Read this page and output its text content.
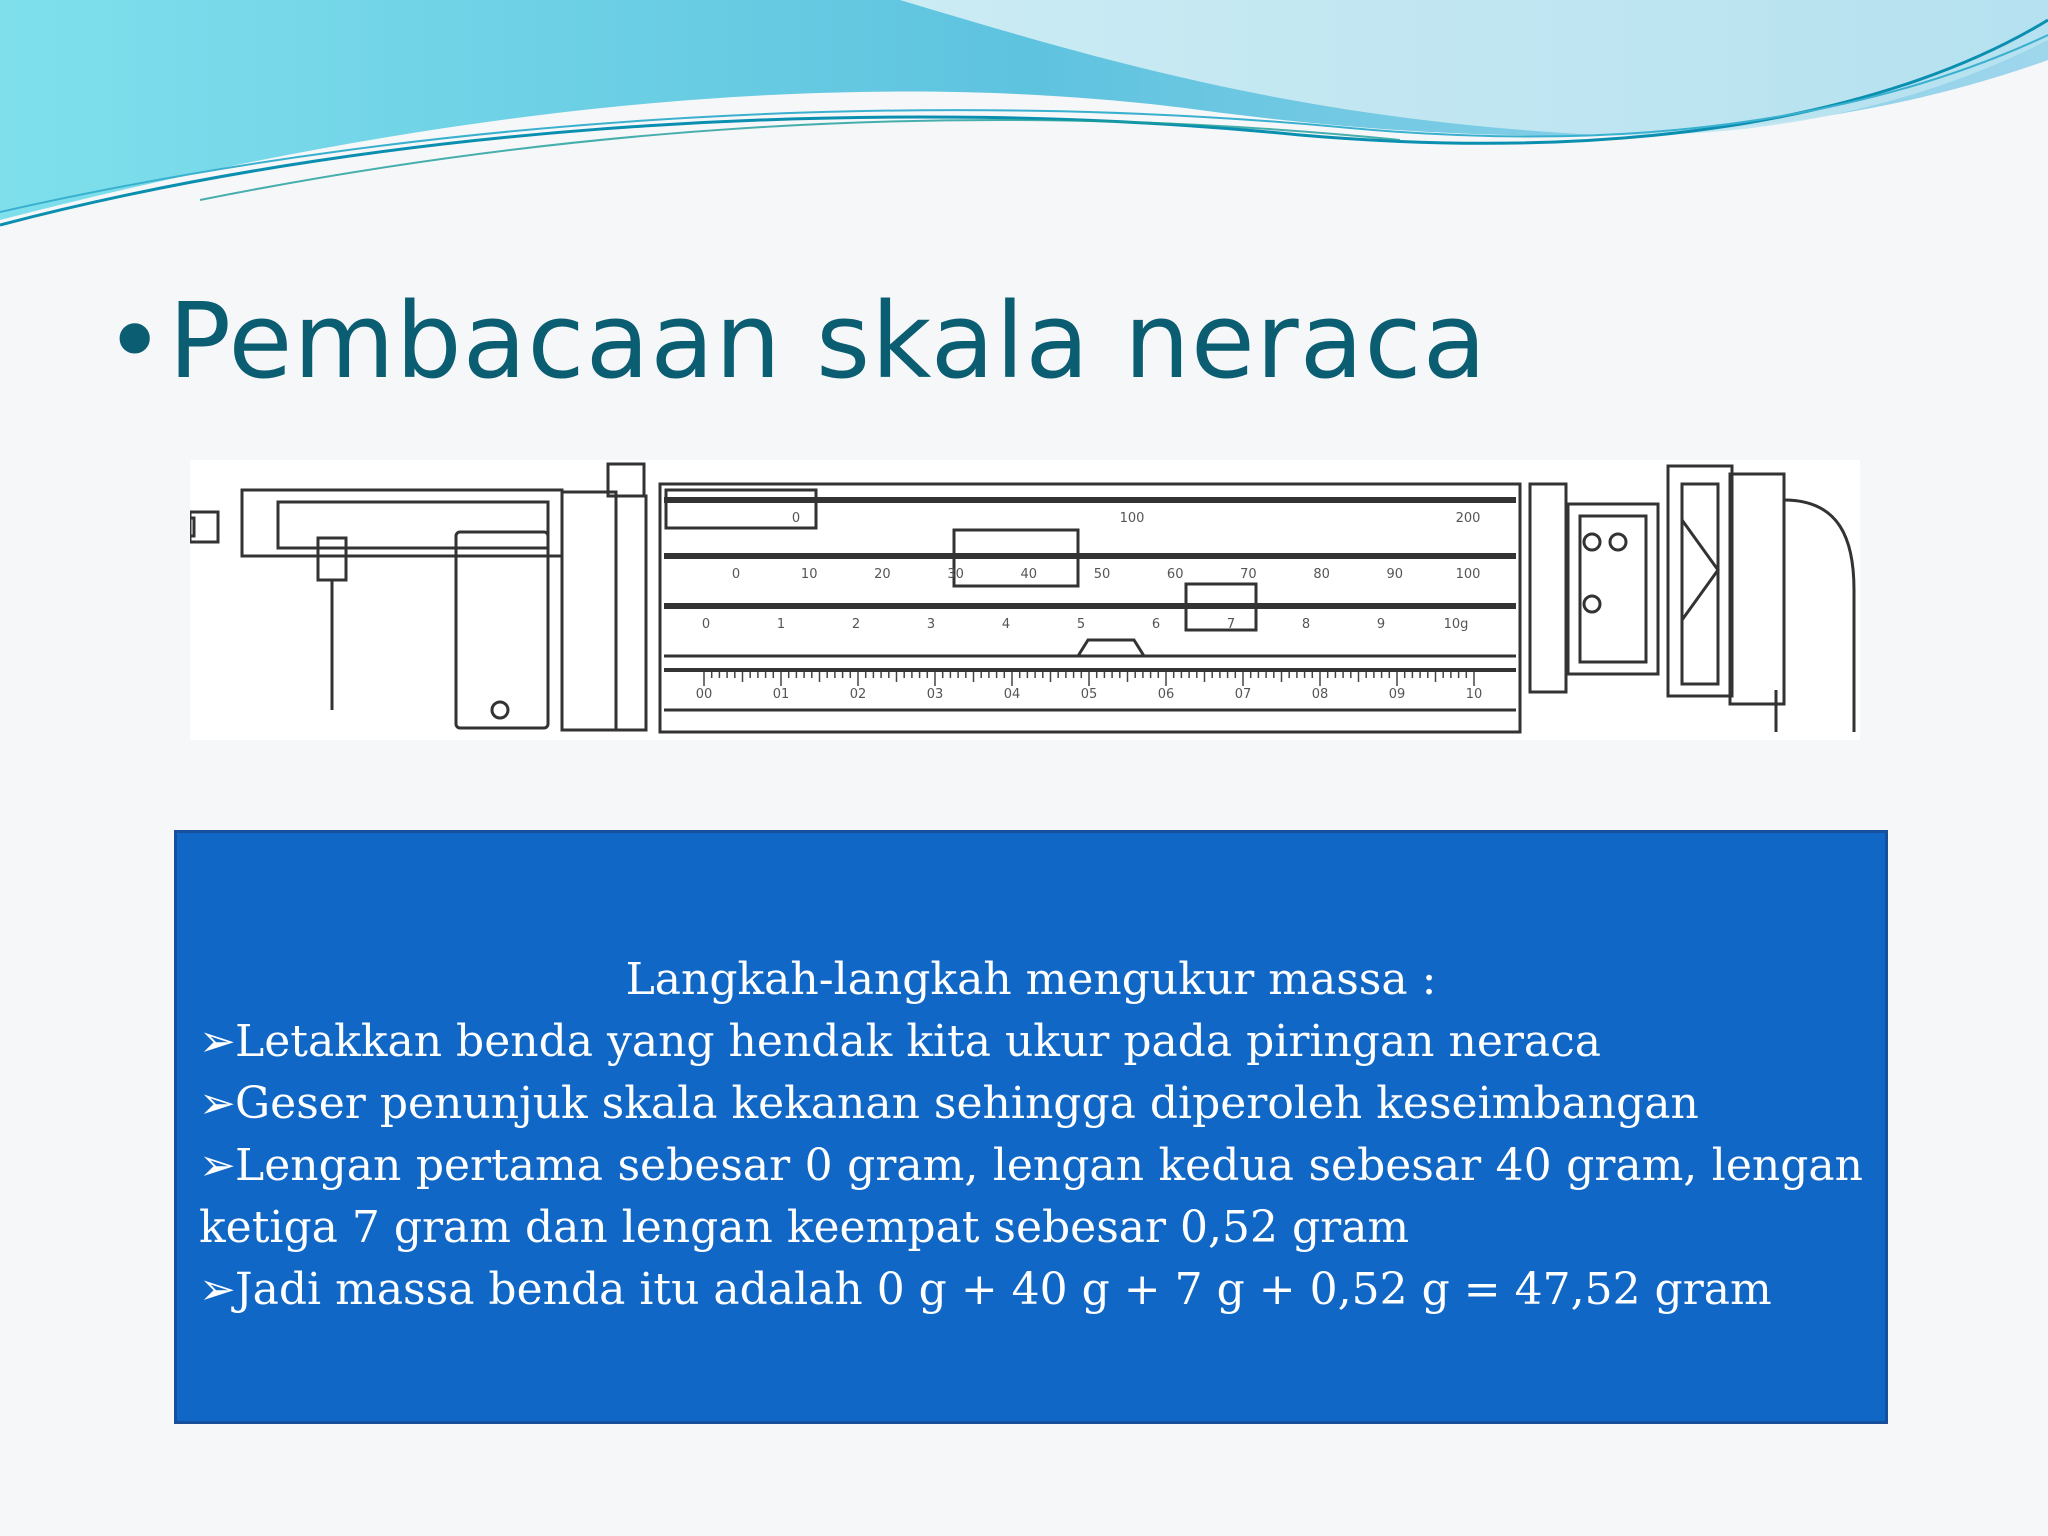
•Pembacaan skala neraca
0	100	200
0	10	20	30	40	50	60	70	80	90	100
0	1	2	3	4	5	6	7	8	9	10g
00	01	02	03	04	05	06	07	08	09	10
Langkah-langkah mengukur massa :
➢ Letakkan benda yang hendak kita ukur pada piringan neraca
➢ Geser penunjuk skala kekanan sehingga diperoleh keseimbangan
➢ Lengan pertama sebesar 0 gram, lengan kedua sebesar 40 gram, lengan ketiga 7 gram dan lengan keempat sebesar 0,52 gram
➢ Jadi massa benda itu adalah 0 g + 40 g + 7 g + 0,52 g = 47,52 gram
